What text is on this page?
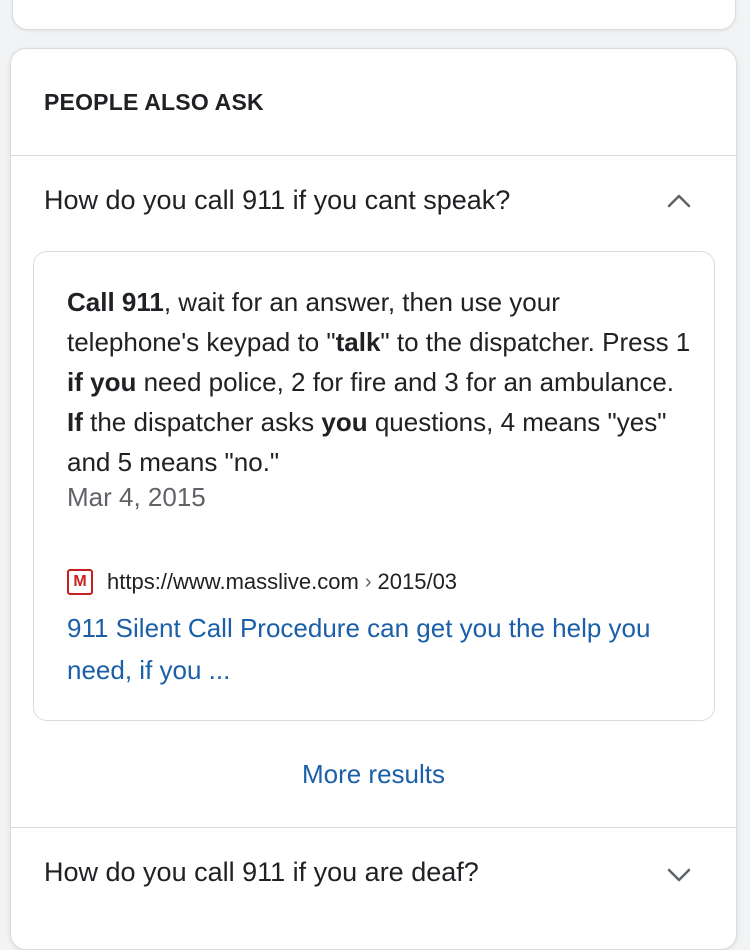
PEOPLE ALSO ASK
How do you call 911 if you cant speak?
Call 911, wait for an answer, then use your telephone's keypad to "talk" to the dispatcher. Press 1 if you need police, 2 for fire and 3 for an ambulance. If the dispatcher asks you questions, 4 means "yes" and 5 means "no."
Mar 4, 2015
M https://www.masslive.com › 2015/03
911 Silent Call Procedure can get you the help you need, if you ...
More results
How do you call 911 if you are deaf?
